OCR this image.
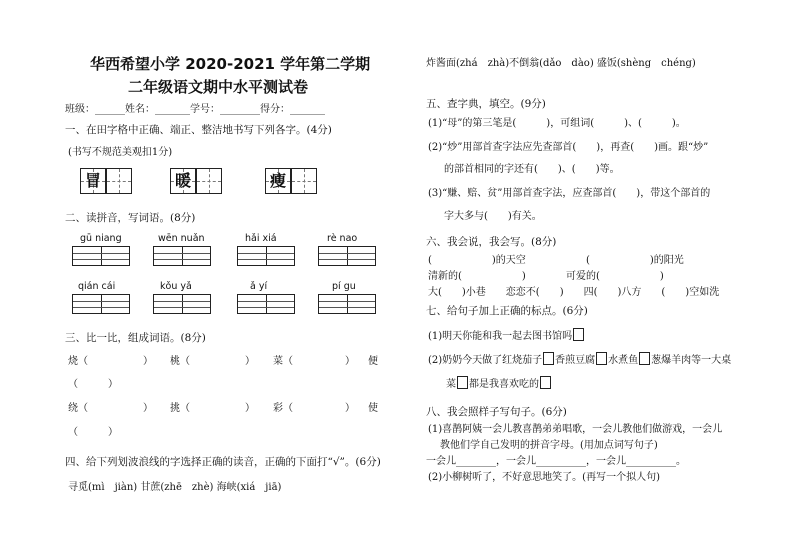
华西希望小学 2020-2021 学年第二学期
二年级语文期中水平测试卷
班级：______姓名：_______学号：________得分：_______
一、在田字格中正确、端正、整洁地书写下列各字。(4分)
(书写不规范美观扣1分)
冒	暖	瘦
二、读拼音，写词语。(8分)
gū niang	wēn nuǎn	hǎi xiá	rè nao
qián cái	kǒu yǎ	ǎ yí	pí gu
三、比一比，组成词语。(8分)
烧（	） 桃（	） 菜（	） 便
（　　　）
绕（	） 挑（	） 彩（	） 使
（　　　）
四、给下列划波浪线的字选择正确的读音，正确的下面打“√”。(6分)
寻觅(mì　jiàn) 甘蔗(zhē　zhè) 海峡(xiá　jiā)
炸酱面(zhá　zhà)不倒翁(dǎo　dào) 盛饭(shèng　chéng)
五、查字典，填空。(9分)
(1)“母”的第三笔是(　　　)，可组词(　　　)、(　　　)。
(2)“炒”用部首查字法应先查部首(　　)，再查(　　)画。跟“炒”
的部首相同的字还有(　　)、(　　)等。
(3)“赚、赔、贫”用部首查字法，应查部首(　　)，带这个部首的
字大多与(　　)有关。
六、我会说，我会写。(8分)
(　　　　　　)的天空	(　　　　　　)的阳光
清新的(　　　　　　)	可爱的(　　　　　　)
大(　　)小巷　　恋恋不(　　)　　四(　　)八方　　(　　)空如洗
七、给句子加上正确的标点。(6分)
(1)明天你能和我一起去图书馆吗
(2)奶奶今天做了红烧茄子 香煎豆腐 水煮鱼 葱爆羊肉等一大桌
菜 都是我喜欢吃的
八、我会照样子写句子。(6分)
(1)喜鹊阿姨一会儿教喜鹊弟弟唱歌，一会儿教他们做游戏，一会儿
教他们学自己发明的拼音字母。(用加点词写句子)
一会儿________，一会儿__________，一会儿__________。
(2)小柳树听了，不好意思地笑了。(再写一个拟人句)
